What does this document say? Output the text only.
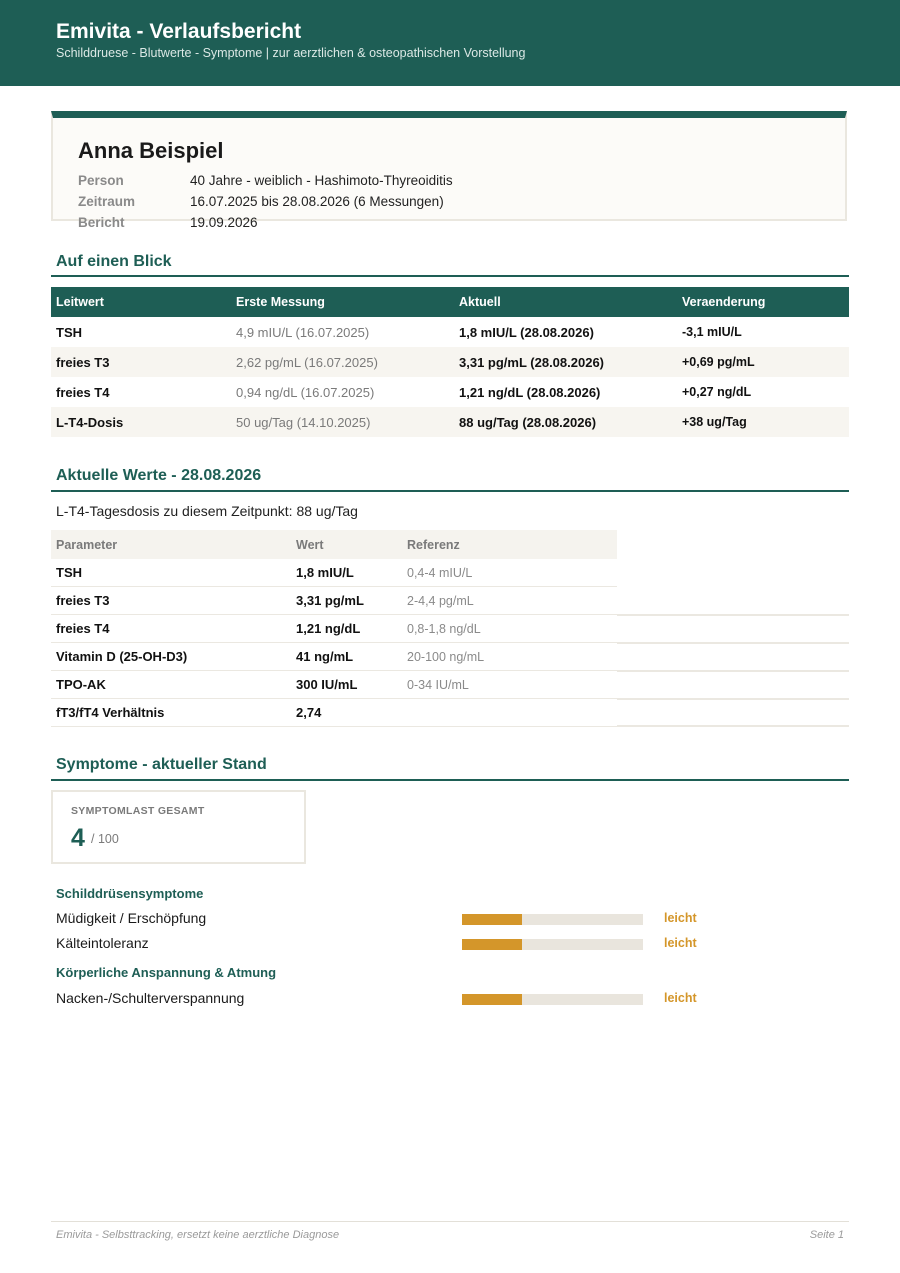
Emivita - Verlaufsbericht
Schilddruese - Blutwerte - Symptome | zur aerztlichen & osteopathischen Vorstellung
Anna Beispiel
Person	40 Jahre - weiblich - Hashimoto-Thyreoiditis
Zeitraum	16.07.2025 bis 28.08.2026 (6 Messungen)
Bericht	19.09.2026
Auf einen Blick
Leitwert	Erste Messung	Aktuell	Veraenderung
TSH	4,9 mIU/L (16.07.2025)	1,8 mIU/L (28.08.2026)	-3,1 mIU/L
freies T3	2,62 pg/mL (16.07.2025)	3,31 pg/mL (28.08.2026)	+0,69 pg/mL
freies T4	0,94 ng/dL (16.07.2025)	1,21 ng/dL (28.08.2026)	+0,27 ng/dL
L-T4-Dosis	50 ug/Tag (14.10.2025)	88 ug/Tag (28.08.2026)	+38 ug/Tag
Aktuelle Werte - 28.08.2026
L-T4-Tagesdosis zu diesem Zeitpunkt: 88 ug/Tag
Parameter	Wert	Referenz
TSH	1,8 mIU/L	0,4-4 mIU/L
freies T3	3,31 pg/mL	2-4,4 pg/mL
freies T4	1,21 ng/dL	0,8-1,8 ng/dL
Vitamin D (25-OH-D3)	41 ng/mL	20-100 ng/mL
TPO-AK	300 IU/mL	0-34 IU/mL
fT3/fT4 Verhältnis	2,74	
Symptome - aktueller Stand
SYMPTOMLAST GESAMT
4 / 100
Schilddrüsensymptome
Müdigkeit / Erschöpfung	leicht
Kälteintoleranz	leicht
Körperliche Anspannung & Atmung
Nacken-/Schulterverspannung	leicht
Emivita - Selbsttracking, ersetzt keine aerztliche Diagnose	Seite 1
